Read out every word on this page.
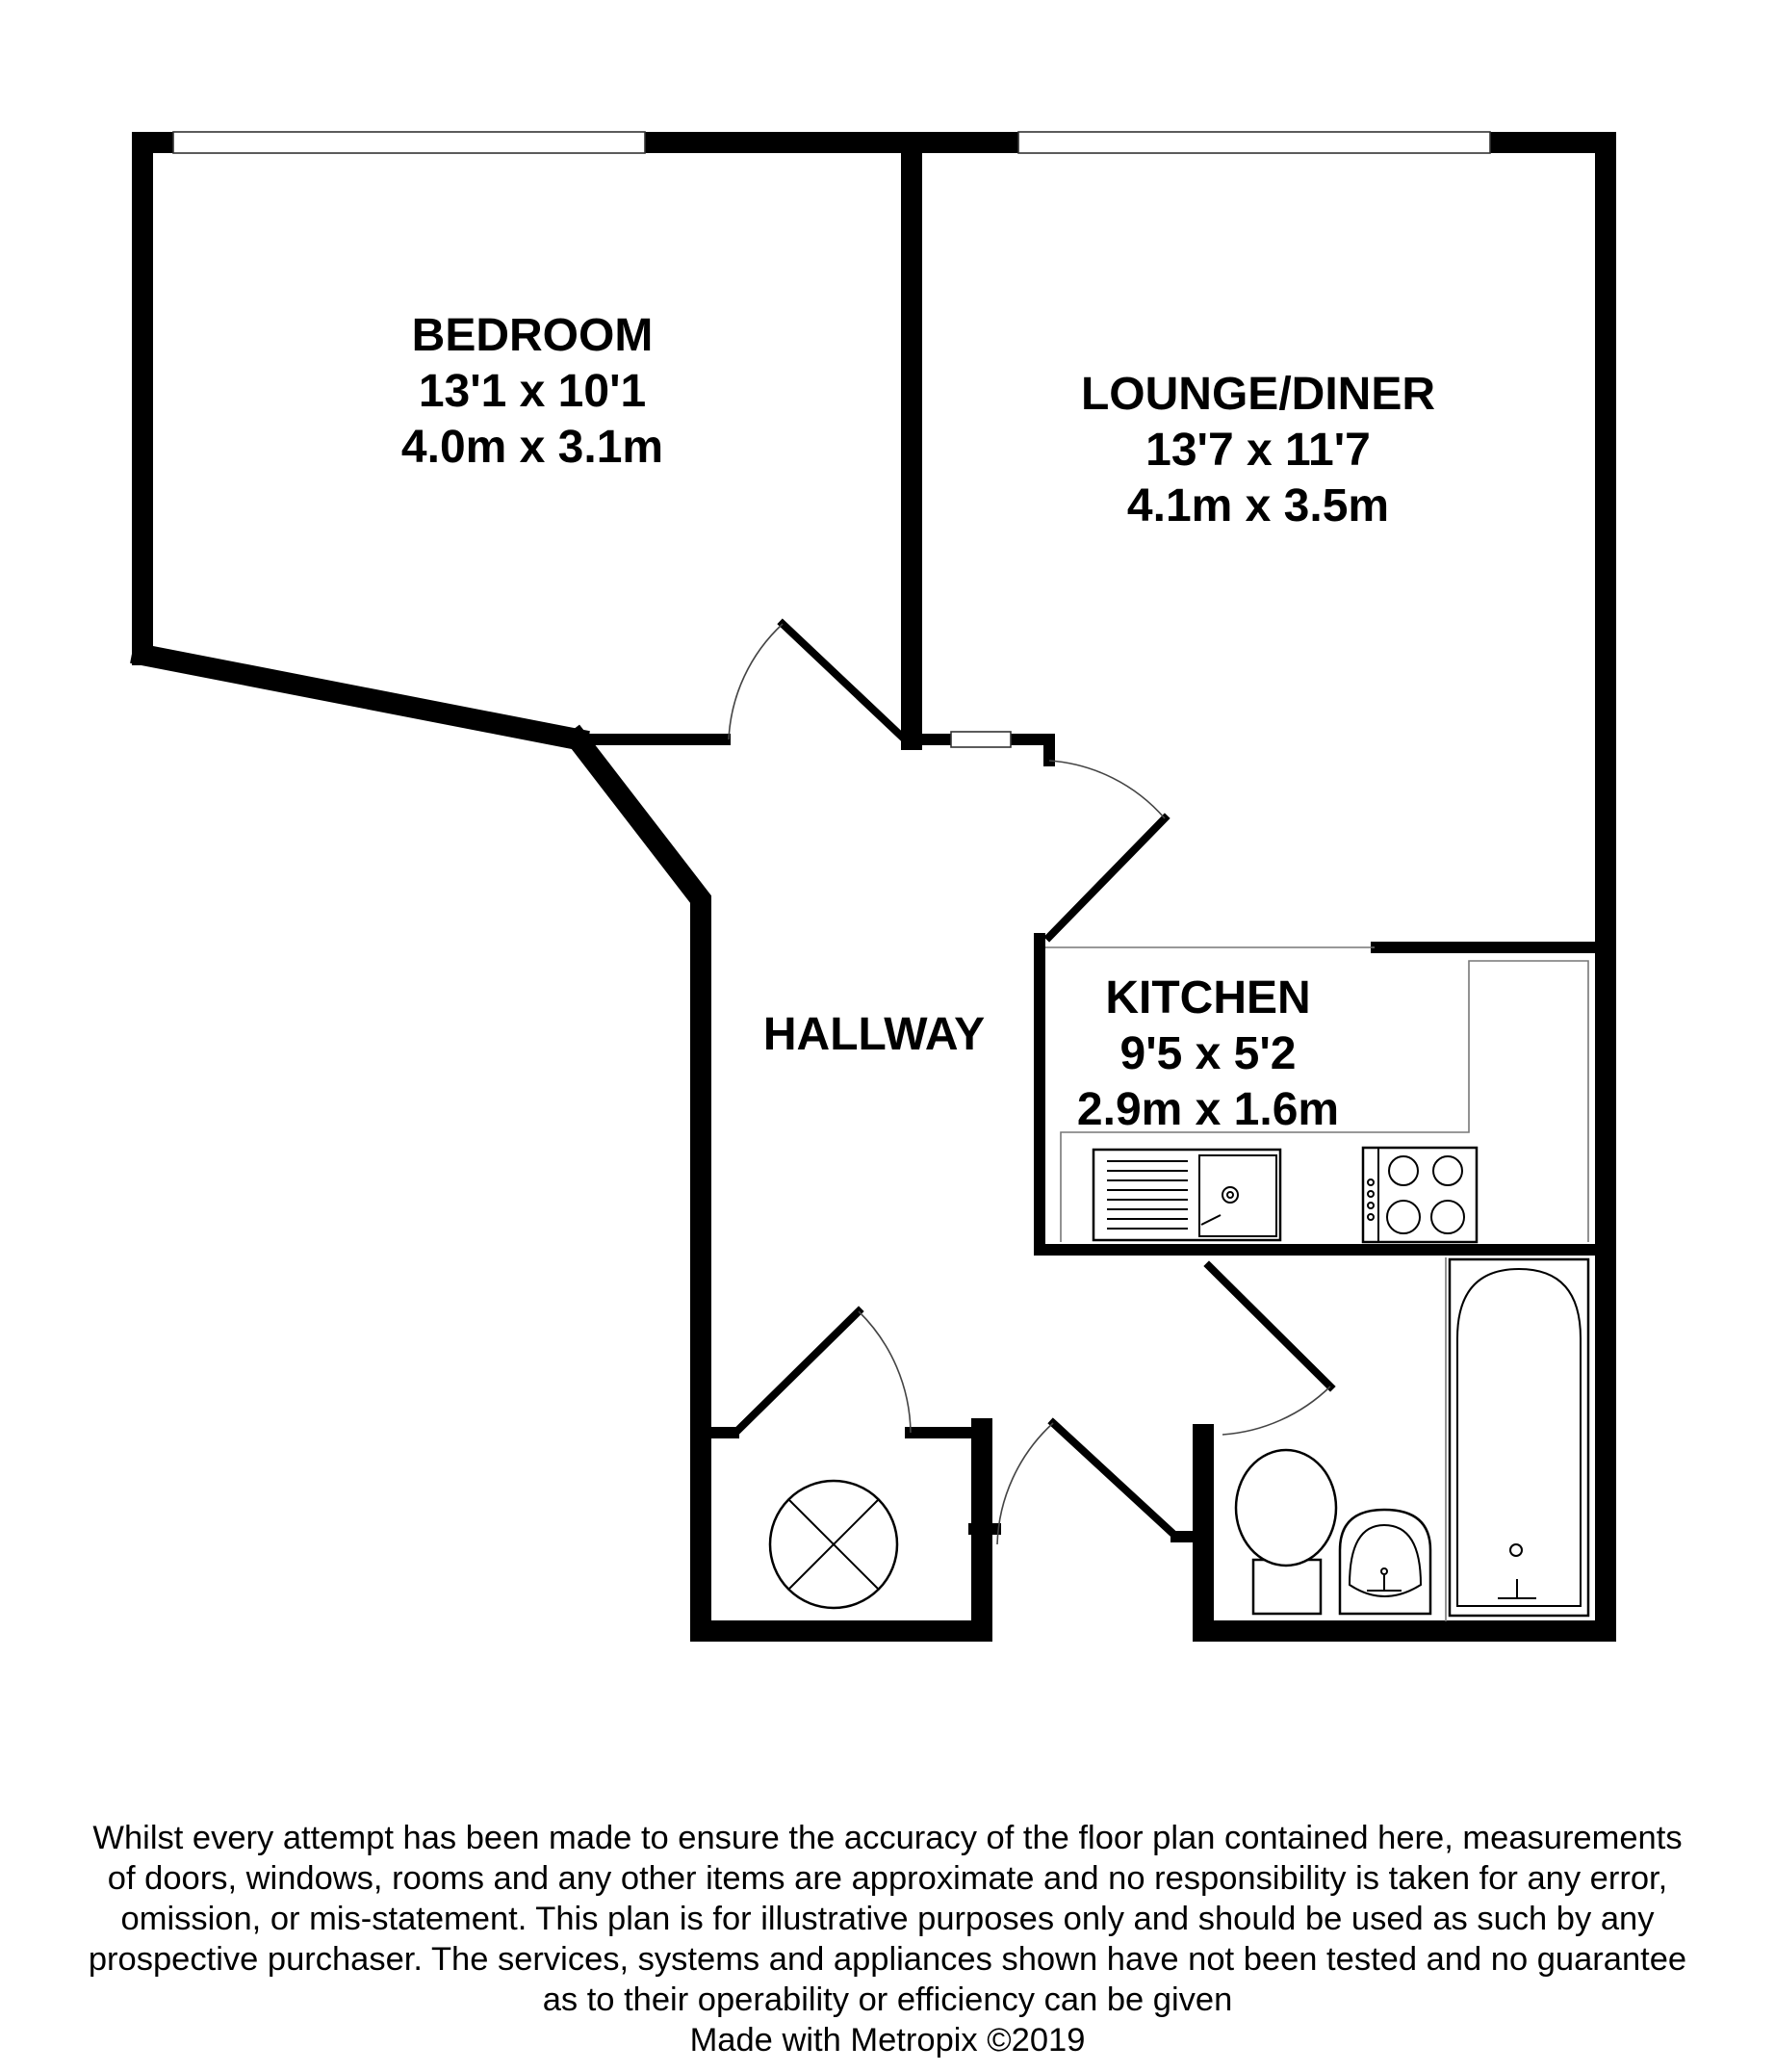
BEDROOM
13'1 x 10'1
4.0m x 3.1m
LOUNGE/DINER
13'7 x 11'7
4.1m x 3.5m
HALLWAY
KITCHEN
9'5 x 5'2
2.9m x 1.6m
Whilst every attempt has been made to ensure the accuracy of the floor plan contained here, measurements
of doors, windows, rooms and any other items are approximate and no responsibility is taken for any error,
omission, or mis-statement. This plan is for illustrative purposes only and should be used as such by any
prospective purchaser. The services, systems and appliances shown have not been tested and no guarantee
as to their operability or efficiency can be given
Made with Metropix ©2019
